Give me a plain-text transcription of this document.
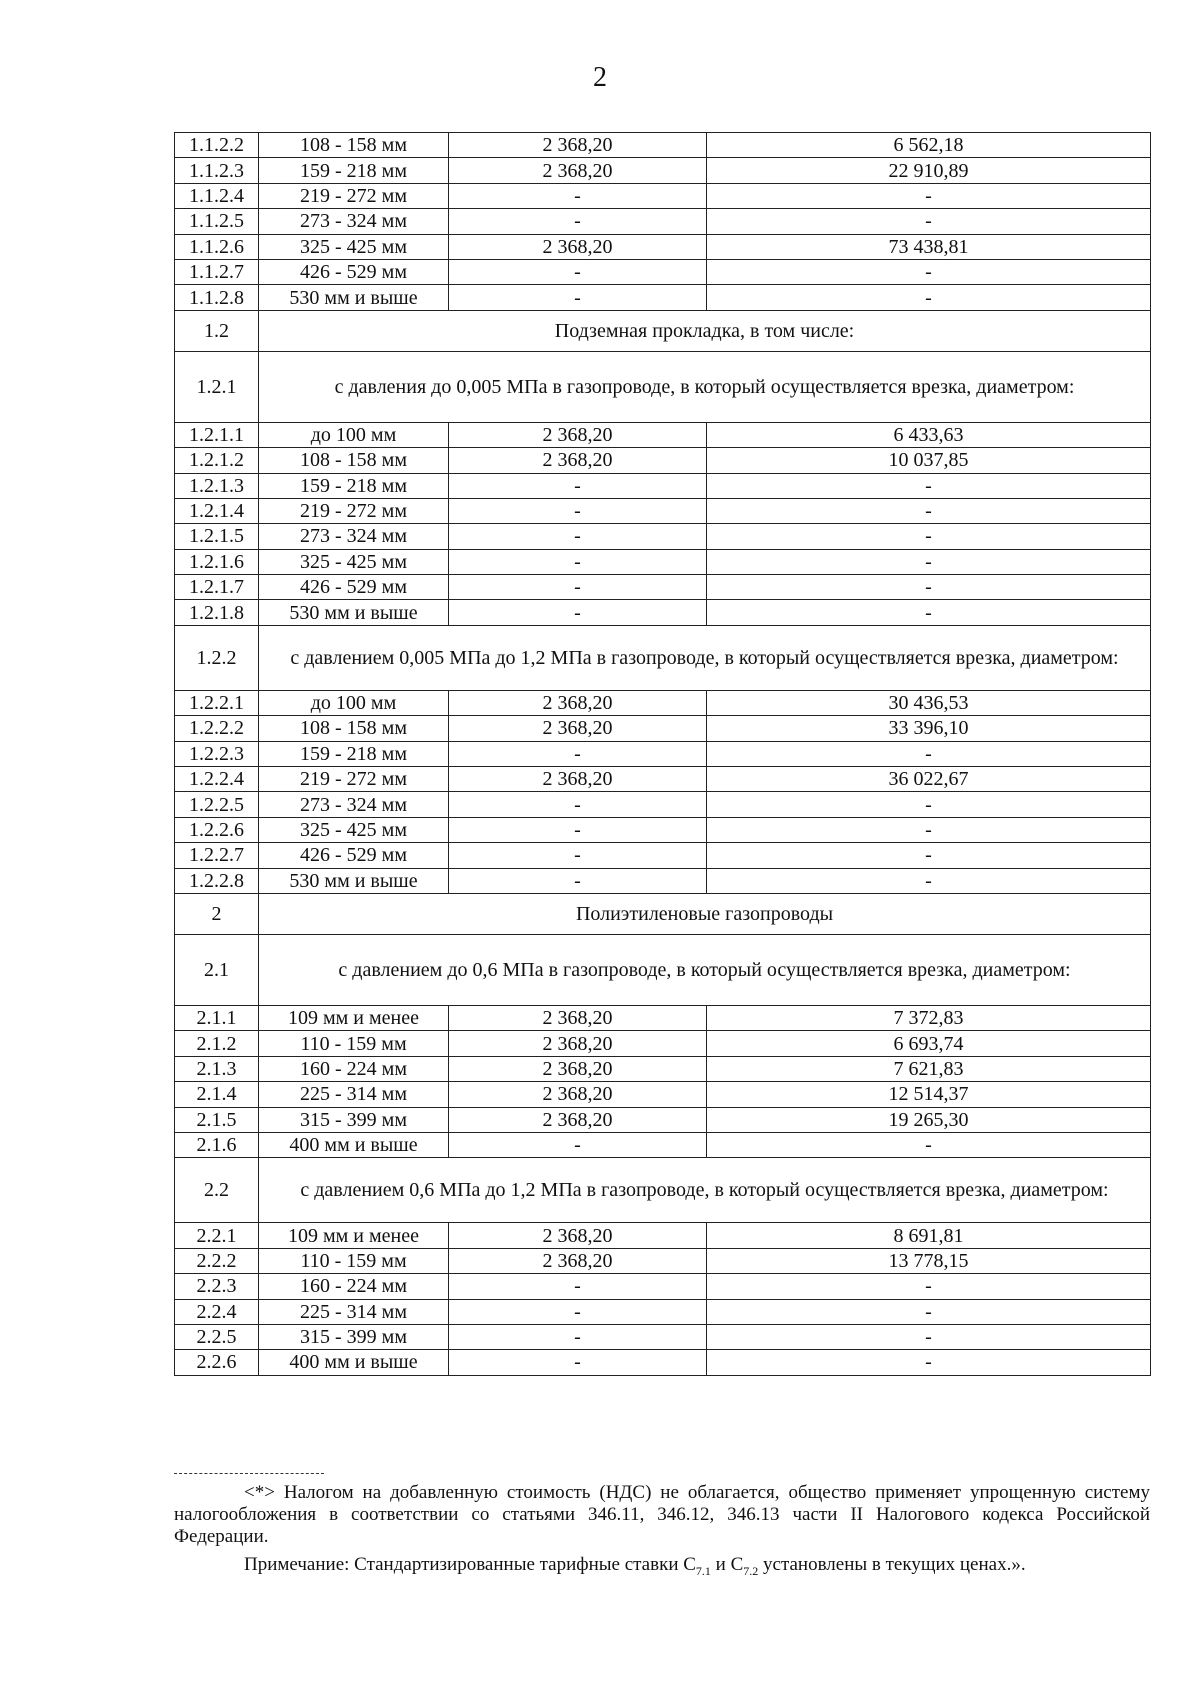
2
1.1.2.2	108 - 158 мм	2 368,20	6 562,18
1.1.2.3	159 - 218 мм	2 368,20	22 910,89
1.1.2.4	219 - 272 мм	-	-
1.1.2.5	273 - 324 мм	-	-
1.1.2.6	325 - 425 мм	2 368,20	73 438,81
1.1.2.7	426 - 529 мм	-	-
1.1.2.8	530 мм и выше	-	-
1.2	Подземная прокладка, в том числе:		
1.2.1	с давления до 0,005 МПа в газопроводе, в который осуществляется врезка, диаметром:		
1.2.1.1	до 100 мм	2 368,20	6 433,63
1.2.1.2	108 - 158 мм	2 368,20	10 037,85
1.2.1.3	159 - 218 мм	-	-
1.2.1.4	219 - 272 мм	-	-
1.2.1.5	273 - 324 мм	-	-
1.2.1.6	325 - 425 мм	-	-
1.2.1.7	426 - 529 мм	-	-
1.2.1.8	530 мм и выше	-	-
1.2.2	с давлением 0,005 МПа до 1,2 МПа в газопроводе, в который осуществляется врезка, диаметром:		
1.2.2.1	до 100 мм	2 368,20	30 436,53
1.2.2.2	108 - 158 мм	2 368,20	33 396,10
1.2.2.3	159 - 218 мм	-	-
1.2.2.4	219 - 272 мм	2 368,20	36 022,67
1.2.2.5	273 - 324 мм	-	-
1.2.2.6	325 - 425 мм	-	-
1.2.2.7	426 - 529 мм	-	-
1.2.2.8	530 мм и выше	-	-
2	Полиэтиленовые газопроводы		
2.1	с давлением до 0,6 МПа в газопроводе, в который осуществляется врезка, диаметром:		
2.1.1	109 мм и менее	2 368,20	7 372,83
2.1.2	110 - 159 мм	2 368,20	6 693,74
2.1.3	160 - 224 мм	2 368,20	7 621,83
2.1.4	225 - 314 мм	2 368,20	12 514,37
2.1.5	315 - 399 мм	2 368,20	19 265,30
2.1.6	400 мм и выше	-	-
2.2	с давлением 0,6 МПа до 1,2 МПа в газопроводе, в который осуществляется врезка, диаметром:		
2.2.1	109 мм и менее	2 368,20	8 691,81
2.2.2	110 - 159 мм	2 368,20	13 778,15
2.2.3	160 - 224 мм	-	-
2.2.4	225 - 314 мм	-	-
2.2.5	315 - 399 мм	-	-
2.2.6	400 мм и выше	-	-

<*> Налогом на добавленную стоимость (НДС) не облагается, общество применяет упрощенную систему налогообложения в соответствии со статьями 346.11, 346.12, 346.13 части II Налогового кодекса Российской Федерации.

Примечание: Стандартизированные тарифные ставки $С_{7.1}$ и $С_{7.2}$ установлены в текущих ценах.».
